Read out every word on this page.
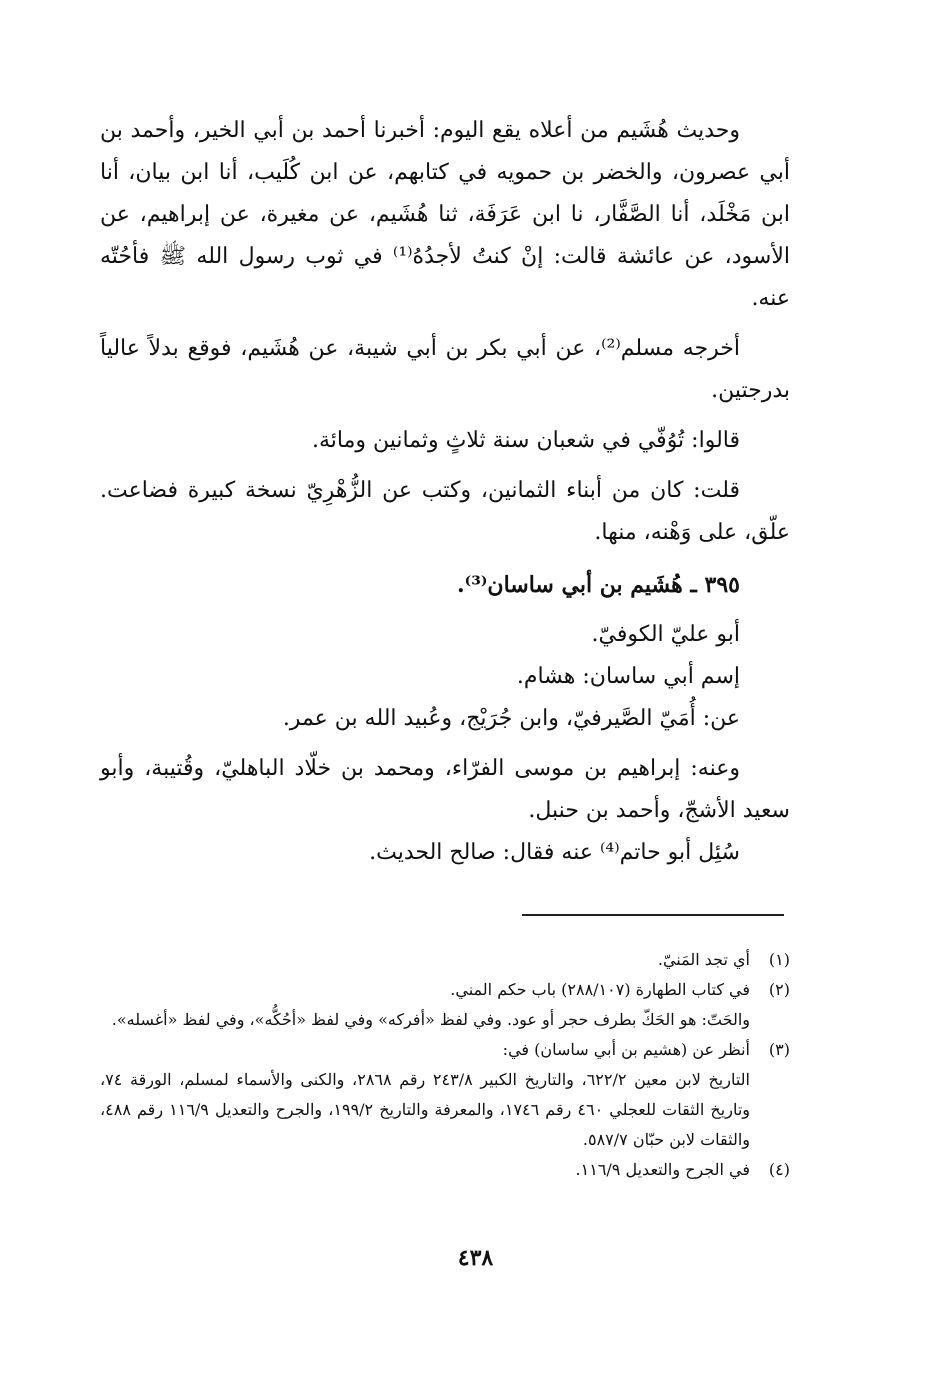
وحديث هُشَيم من أعلاه يقع اليوم: أخبرنا أحمد بن أبي الخير، وأحمد بن أبي عصرون، والخضر بن حمويه في كتابهم، عن ابن كُلَيب، أنا ابن بيان، أنا ابن مَخْلَد، أنا الصَّفَّار، نا ابن عَرَفَة، ثنا هُشَيم، عن مغيرة، عن إبراهيم، عن الأسود، عن عائشة قالت: إنْ كنتُ لأجدُهُ⁽¹⁾ في ثوب رسول الله ﷺ فأحُتّه عنه.

أخرجه مسلم⁽²⁾، عن أبي بكر بن أبي شيبة، عن هُشَيم، فوقع بدلاً عالياً بدرجتين.

قالوا: تُوُفّي في شعبان سنة ثلاثٍ وثمانين ومائة.

قلت: كان من أبناء الثمانين، وكتب عن الزُّهْرِيّ نسخة كبيرة فضاعت. علّق، على وَهْنه، منها.

٣٩٥ ـ هُشَيم بن أبي ساسان⁽³⁾.

أبو عليّ الكوفيّ.

إسم أبي ساسان: هشام.

عن: أُمَيّ الصَّيرفيّ، وابن جُرَيْج، وعُبيد الله بن عمر.

وعنه: إبراهيم بن موسى الفرّاء، ومحمد بن خلّاد الباهليّ، وقُتيبة، وأبو سعيد الأشجّ، وأحمد بن حنبل.

سُئِل أبو حاتم⁽⁴⁾ عنه فقال: صالح الحديث.

(١)
أي تجد المَنيّ.
(٢)
في كتاب الطهارة (٢٨٨/١٠٧) باب حكم المني.
والحَتّ: هو الحَكّ بطرف حجر أو عود. وفي لفظ «أفركه» وفي لفظ «أحُكُّه»، وفي لفظ «أغسله».
(٣)
أنظر عن (هشيم بن أبي ساسان) في:
التاريخ لابن معين ٦٢٢/٢، والتاريخ الكبير ٢٤٣/٨ رقم ٢٨٦٨، والكنى والأسماء لمسلم، الورقة ٧٤، وتاريخ الثقات للعجلي ٤٦٠ رقم ١٧٤٦، والمعرفة والتاريخ ١٩٩/٢، والجرح والتعديل ١١٦/٩ رقم ٤٨٨، والثقات لابن حبّان ٥٨٧/٧.
(٤)
في الجرح والتعديل ١١٦/٩.
٤٣٨
